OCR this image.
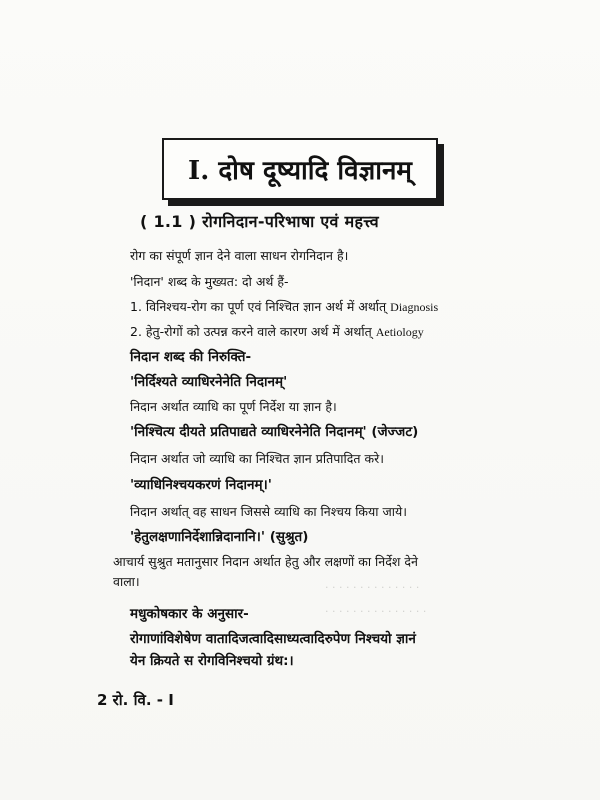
I. दोष दूष्यादि विज्ञानम्
( 1.1 ) रोगनिदान-परिभाषा एवं महत्त्व
रोग का संपूर्ण ज्ञान देने वाला साधन रोगनिदान है।
'निदान' शब्द के मुख्यत: दो अर्थ हैं-
1. विनिश्चय-रोग का पूर्ण एवं निश्चित ज्ञान अर्थ में अर्थात् Diagnosis
2. हेतु-रोगों को उत्पन्न करने वाले कारण अर्थ में अर्थात् Aetiology
निदान शब्द की निरुक्ति-
'निर्दिश्यते व्याधिरनेनेति निदानम्'
निदान अर्थात व्याधि का पूर्ण निर्देश या ज्ञान है।
'निश्चित्य दीयते प्रतिपाद्यते व्याधिरनेनेति निदानम्' (जेज्जट)
निदान अर्थात जो व्याधि का निश्चित ज्ञान प्रतिपादित करे।
'व्याधिनिश्चयकरणं निदानम्।'
निदान अर्थात् वह साधन जिससे व्याधि का निश्चय किया जाये।
'हेतुलक्षणानिर्देशान्निदानानि।' (सुश्रुत)
आचार्य सुश्रुत मतानुसार निदान अर्थात हेतु और लक्षणों का निर्देश देने
वाला।	. . . . . . . . . . . . . .
. . . . . . . . . . . . . . .
मधुकोषकार के अनुसार-
रोगाणांविशेषेण वातादिजत्वादिसाध्यत्वादिरुपेण निश्चयो ज्ञानं
येन क्रियते स रोगविनिश्चयो ग्रंथ:।
2 रो. वि. - I
